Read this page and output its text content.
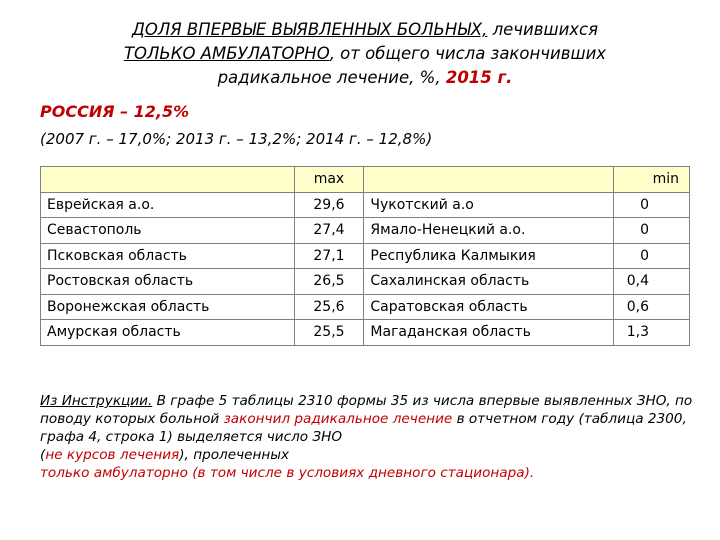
ДОЛЯ ВПЕРВЫЕ ВЫЯВЛЕННЫХ БОЛЬНЫХ, лечившихся
ТОЛЬКО АМБУЛАТОРНО, от общего числа закончивших
радикальное лечение, %, 2015 г.
РОССИЯ – 12,5%
(2007 г. – 17,0%; 2013 г. – 13,2%; 2014 г. – 12,8%)
	max		min
Еврейская а.о.	29,6	Чукотский а.о	0
Севастополь	27,4	Ямало-Ненецкий а.о.	0
Псковская область	27,1	Республика Калмыкия	0
Ростовская область	26,5	Сахалинская область	0,4
Воронежская область	25,6	Саратовская область	0,6
Амурская область	25,5	Магаданская область	1,3
Из Инструкции. В графе 5 таблицы 2310 формы 35 из числа впервые выявленных ЗНО, по поводу которых больной закончил радикальное лечение в отчетном году (таблица 2300, графа 4, строка 1) выделяется число ЗНО
(не курсов лечения), пролеченных
только амбулаторно (в том числе в условиях дневного стационара).
